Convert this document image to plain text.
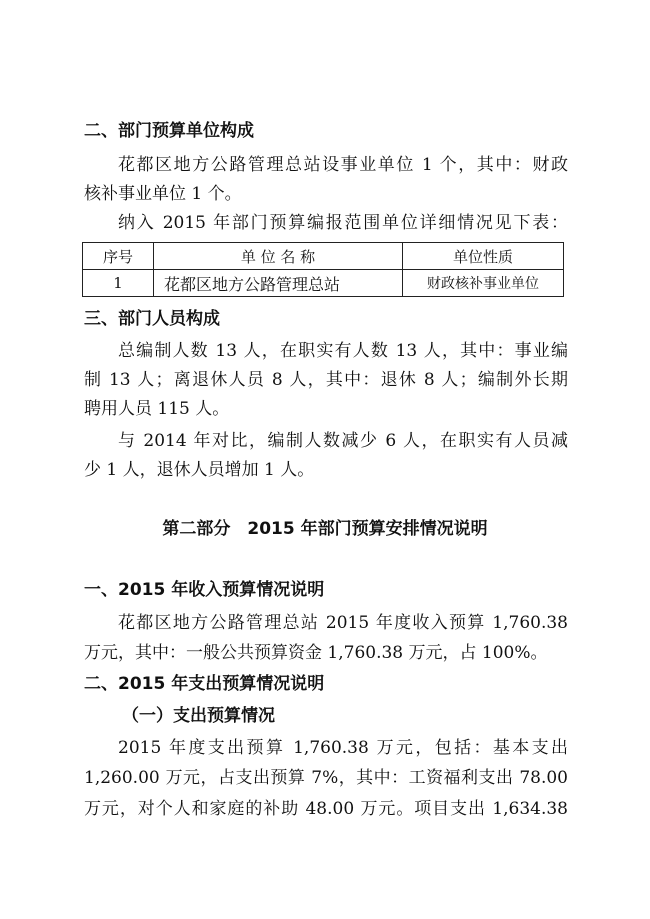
二、部门预算单位构成
花都区地方公路管理总站设事业单位 1 个，其中：财政
核补事业单位 1 个。
纳入 2015 年部门预算编报范围单位详细情况见下表：
序号	单 位 名 称	单位性质
1	花都区地方公路管理总站	财政核补事业单位
三、部门人员构成
总编制人数 13 人，在职实有人数 13 人，其中：事业编
制 13 人；离退休人员 8 人，其中：退休 8 人；编制外长期
聘用人员 115 人。
与 2014 年对比，编制人数减少 6 人，在职实有人员减
少 1 人，退休人员增加 1 人。
第二部分　2015 年部门预算安排情况说明
一、2015 年收入预算情况说明
花都区地方公路管理总站 2015 年度收入预算 1,760.38
万元，其中：一般公共预算资金 1,760.38 万元，占 100%。
二、2015 年支出预算情况说明
（一）支出预算情况
2015 年度支出预算 1,760.38 万元，包括：基本支出
1,260.00 万元，占支出预算 7%，其中：工资福利支出 78.00
万元，对个人和家庭的补助 48.00 万元。项目支出 1,634.38
